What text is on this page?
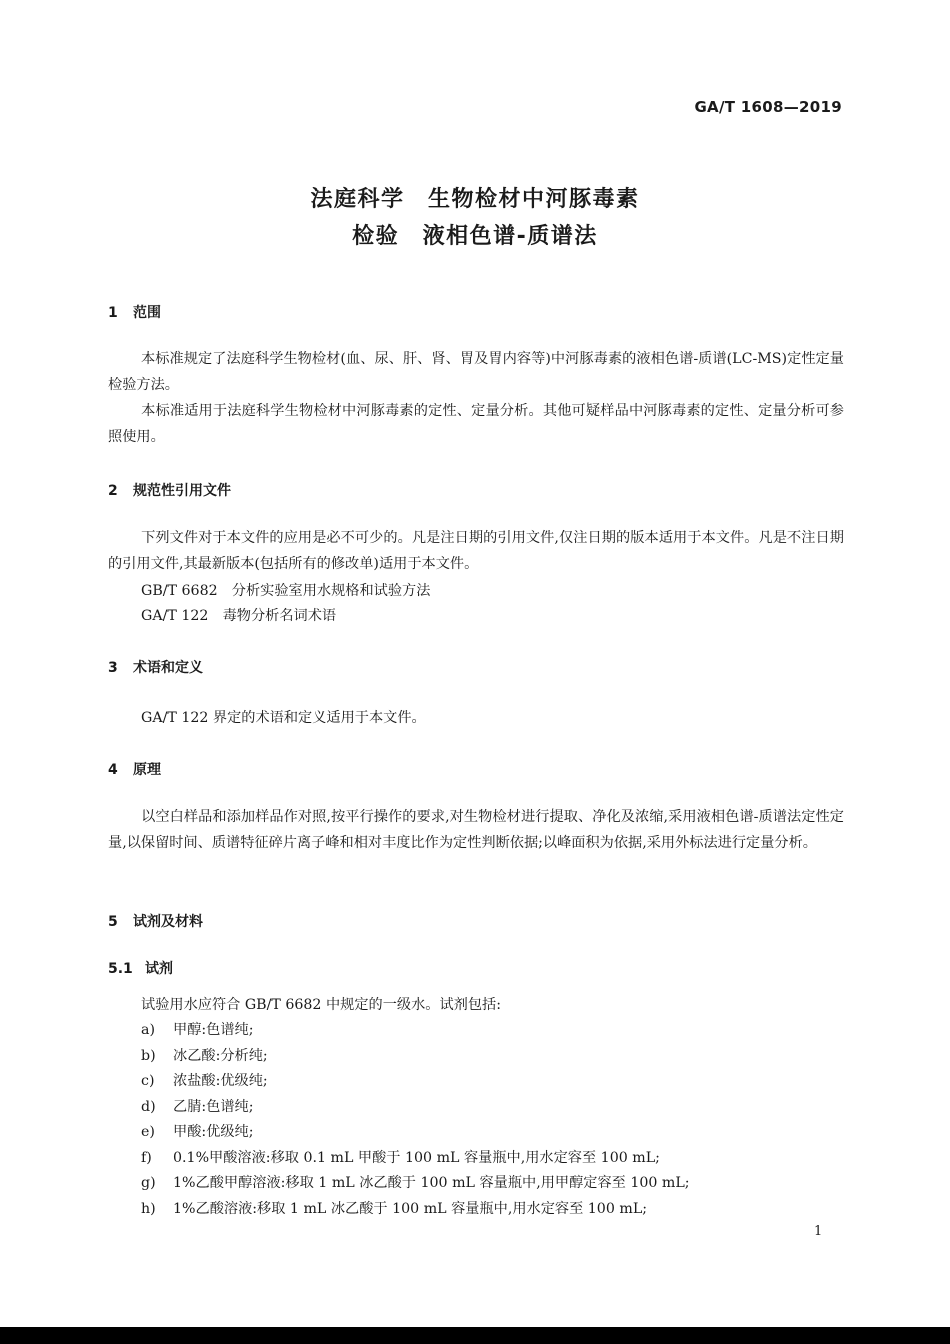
GA/T 1608—2019
法庭科学　生物检材中河豚毒素
检验　液相色谱-质谱法
1 范围
本标准规定了法庭科学生物检材(血、尿、肝、肾、胃及胃内容等)中河豚毒素的液相色谱-质谱(LC-MS)定性定量检验方法。
本标准适用于法庭科学生物检材中河豚毒素的定性、定量分析。其他可疑样品中河豚毒素的定性、定量分析可参照使用。
2 规范性引用文件
下列文件对于本文件的应用是必不可少的。凡是注日期的引用文件,仅注日期的版本适用于本文件。凡是不注日期的引用文件,其最新版本(包括所有的修改单)适用于本文件。
GB/T 6682　分析实验室用水规格和试验方法
GA/T 122　毒物分析名词术语
3 术语和定义
GA/T 122 界定的术语和定义适用于本文件。
4 原理
以空白样品和添加样品作对照,按平行操作的要求,对生物检材进行提取、净化及浓缩,采用液相色谱-质谱法定性定量,以保留时间、质谱特征碎片离子峰和相对丰度比作为定性判断依据;以峰面积为依据,采用外标法进行定量分析。
5 试剂及材料
5.1 试剂
试验用水应符合 GB/T 6682 中规定的一级水。试剂包括:
a) 甲醇:色谱纯;
b) 冰乙酸:分析纯;
c) 浓盐酸:优级纯;
d) 乙腈:色谱纯;
e) 甲酸:优级纯;
f) 0.1%甲酸溶液:移取 0.1 mL 甲酸于 100 mL 容量瓶中,用水定容至 100 mL;
g) 1%乙酸甲醇溶液:移取 1 mL 冰乙酸于 100 mL 容量瓶中,用甲醇定容至 100 mL;
h) 1%乙酸溶液:移取 1 mL 冰乙酸于 100 mL 容量瓶中,用水定容至 100 mL;
1
